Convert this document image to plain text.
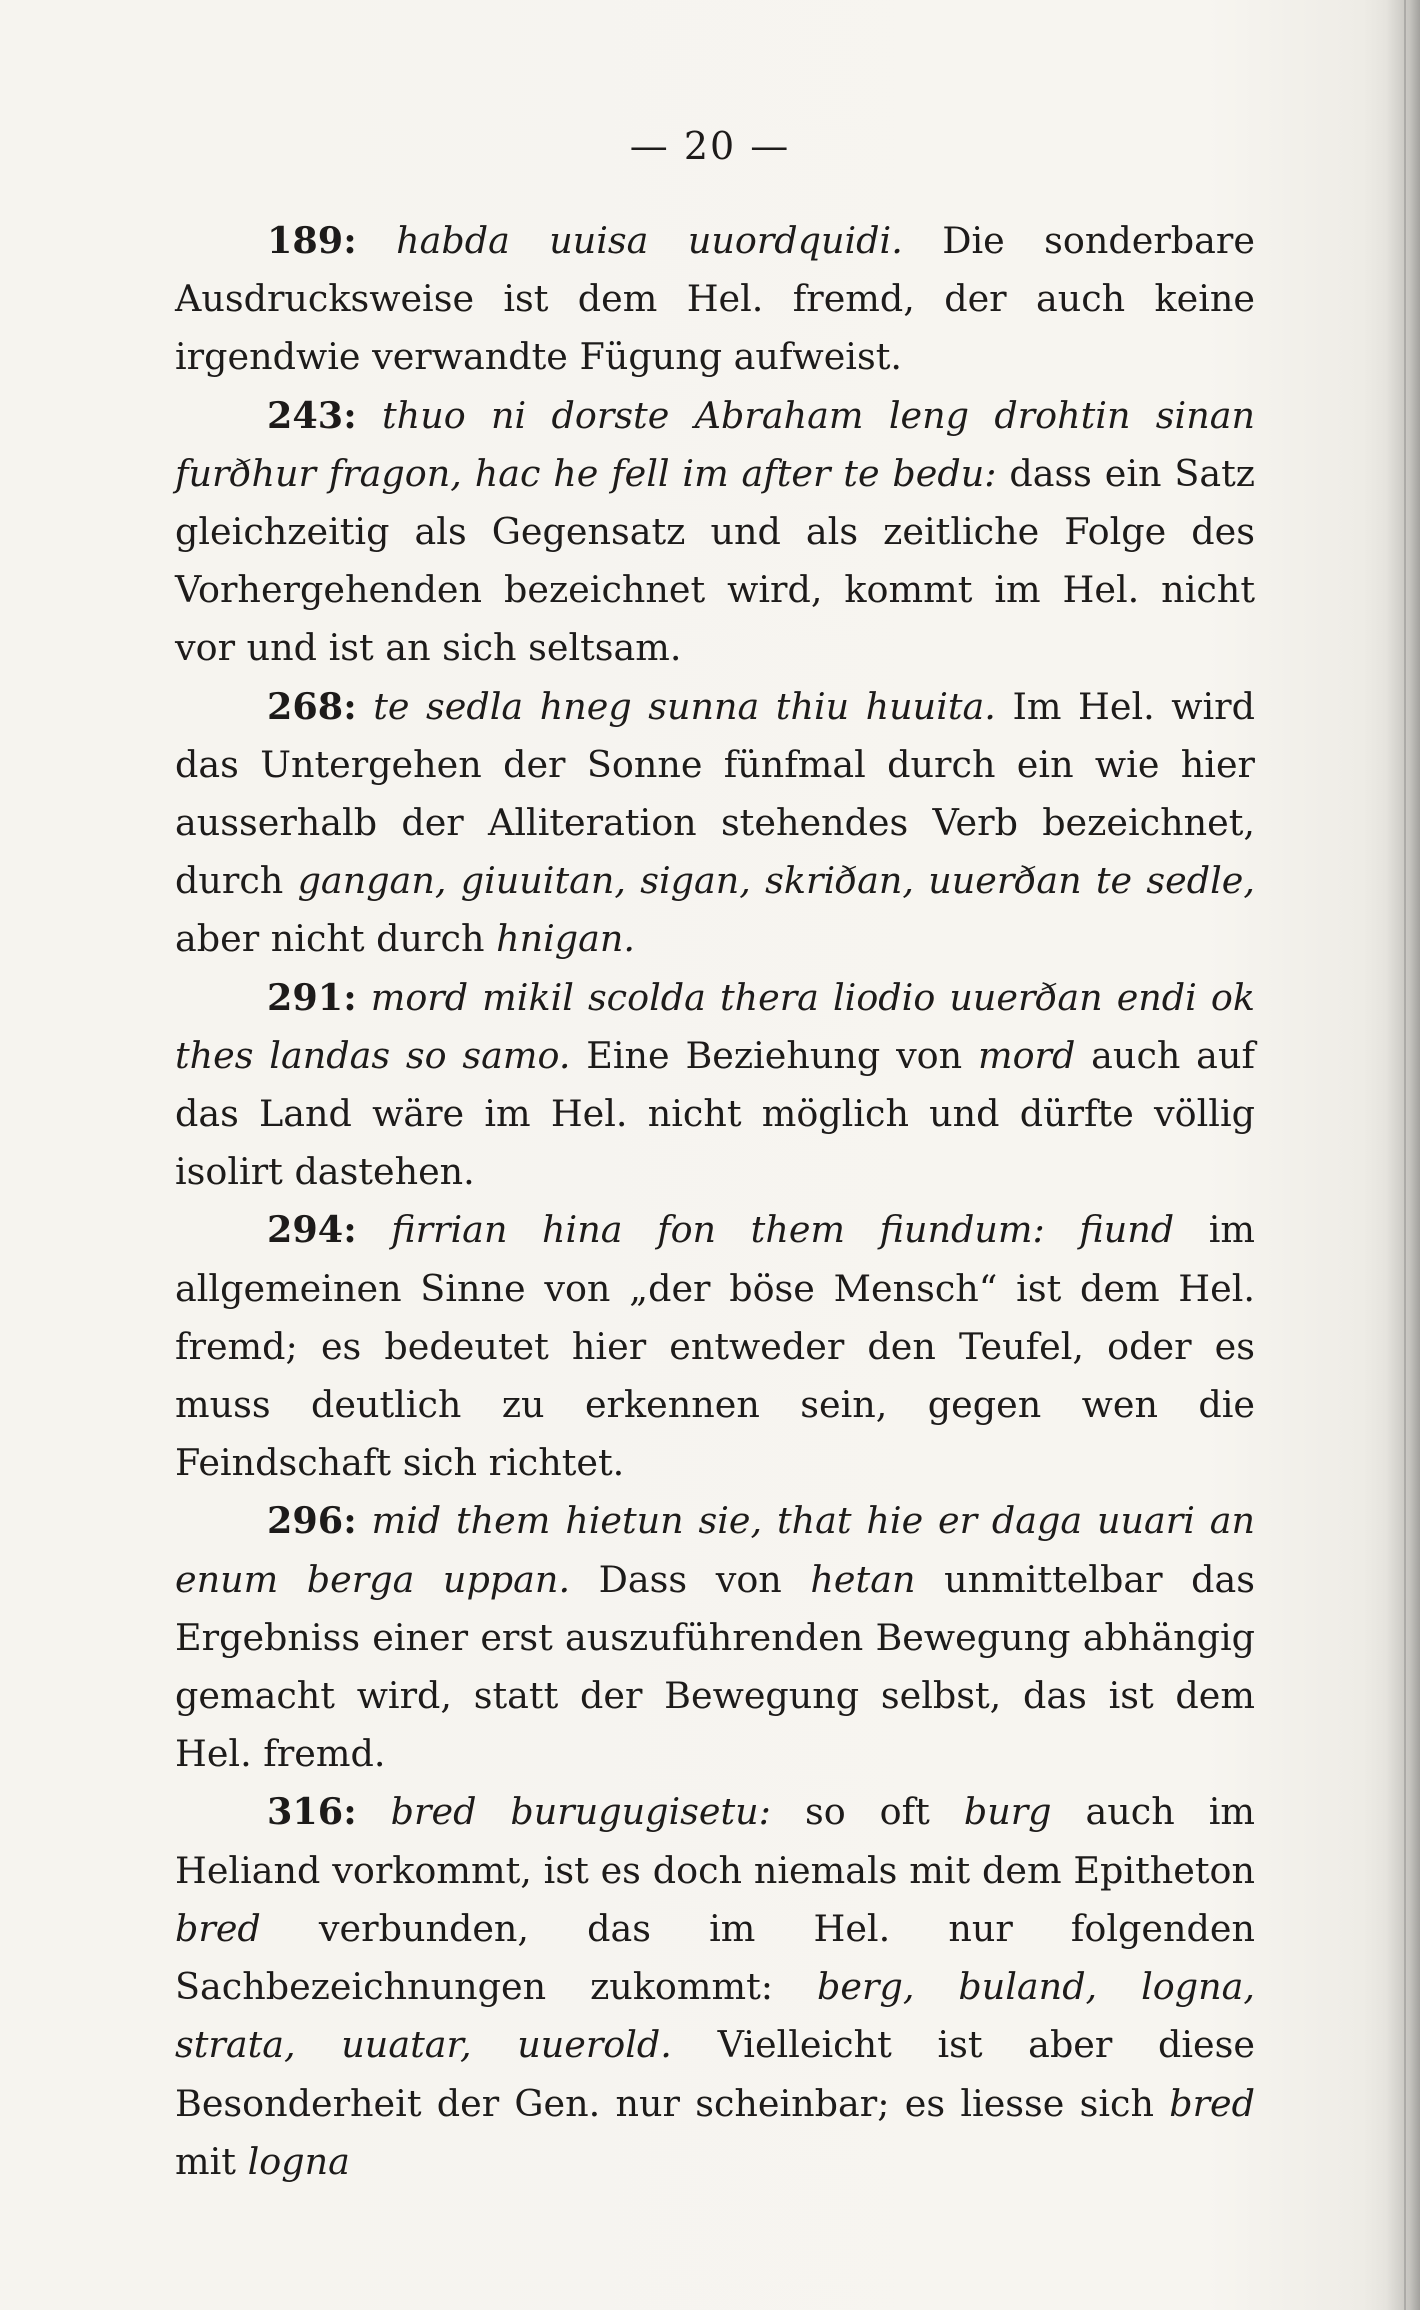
— 20 —

189: habda uuisa uuordquidi. Die sonderbare Ausdrucksweise ist dem Hel. fremd, der auch keine irgendwie verwandte Fügung aufweist.

243: thuo ni dorste Abraham leng drohtin sinan furðhur fragon, hac he fell im after te bedu: dass ein Satz gleichzeitig als Gegensatz und als zeitliche Folge des Vorhergehenden bezeichnet wird, kommt im Hel. nicht vor und ist an sich seltsam.

268: te sedla hneg sunna thiu huuita. Im Hel. wird das Untergehen der Sonne fünfmal durch ein wie hier ausserhalb der Alliteration stehendes Verb bezeichnet, durch gangan, giuuitan, sigan, skriðan, uuerðan te sedle, aber nicht durch hnigan.

291: mord mikil scolda thera liodio uuerðan endi ok thes landas so samo. Eine Beziehung von mord auch auf das Land wäre im Hel. nicht möglich und dürfte völlig isolirt dastehen.

294: firrian hina fon them fiundum: fiund im allgemeinen Sinne von „der böse Mensch“ ist dem Hel. fremd; es bedeutet hier entweder den Teufel, oder es muss deutlich zu erkennen sein, gegen wen die Feindschaft sich richtet.

296: mid them hietun sie, that hie er daga uuari an enum berga uppan. Dass von hetan unmittelbar das Ergebniss einer erst auszuführenden Bewegung abhängig gemacht wird, statt der Bewegung selbst, das ist dem Hel. fremd.

316: bred burugugisetu: so oft burg auch im Heliand vorkommt, ist es doch niemals mit dem Epitheton bred verbunden, das im Hel. nur folgenden Sachbezeichnungen zukommt: berg, buland, logna, strata, uuatar, uuerold. Vielleicht ist aber diese Besonderheit der Gen. nur scheinbar; es liesse sich bred mit logna
